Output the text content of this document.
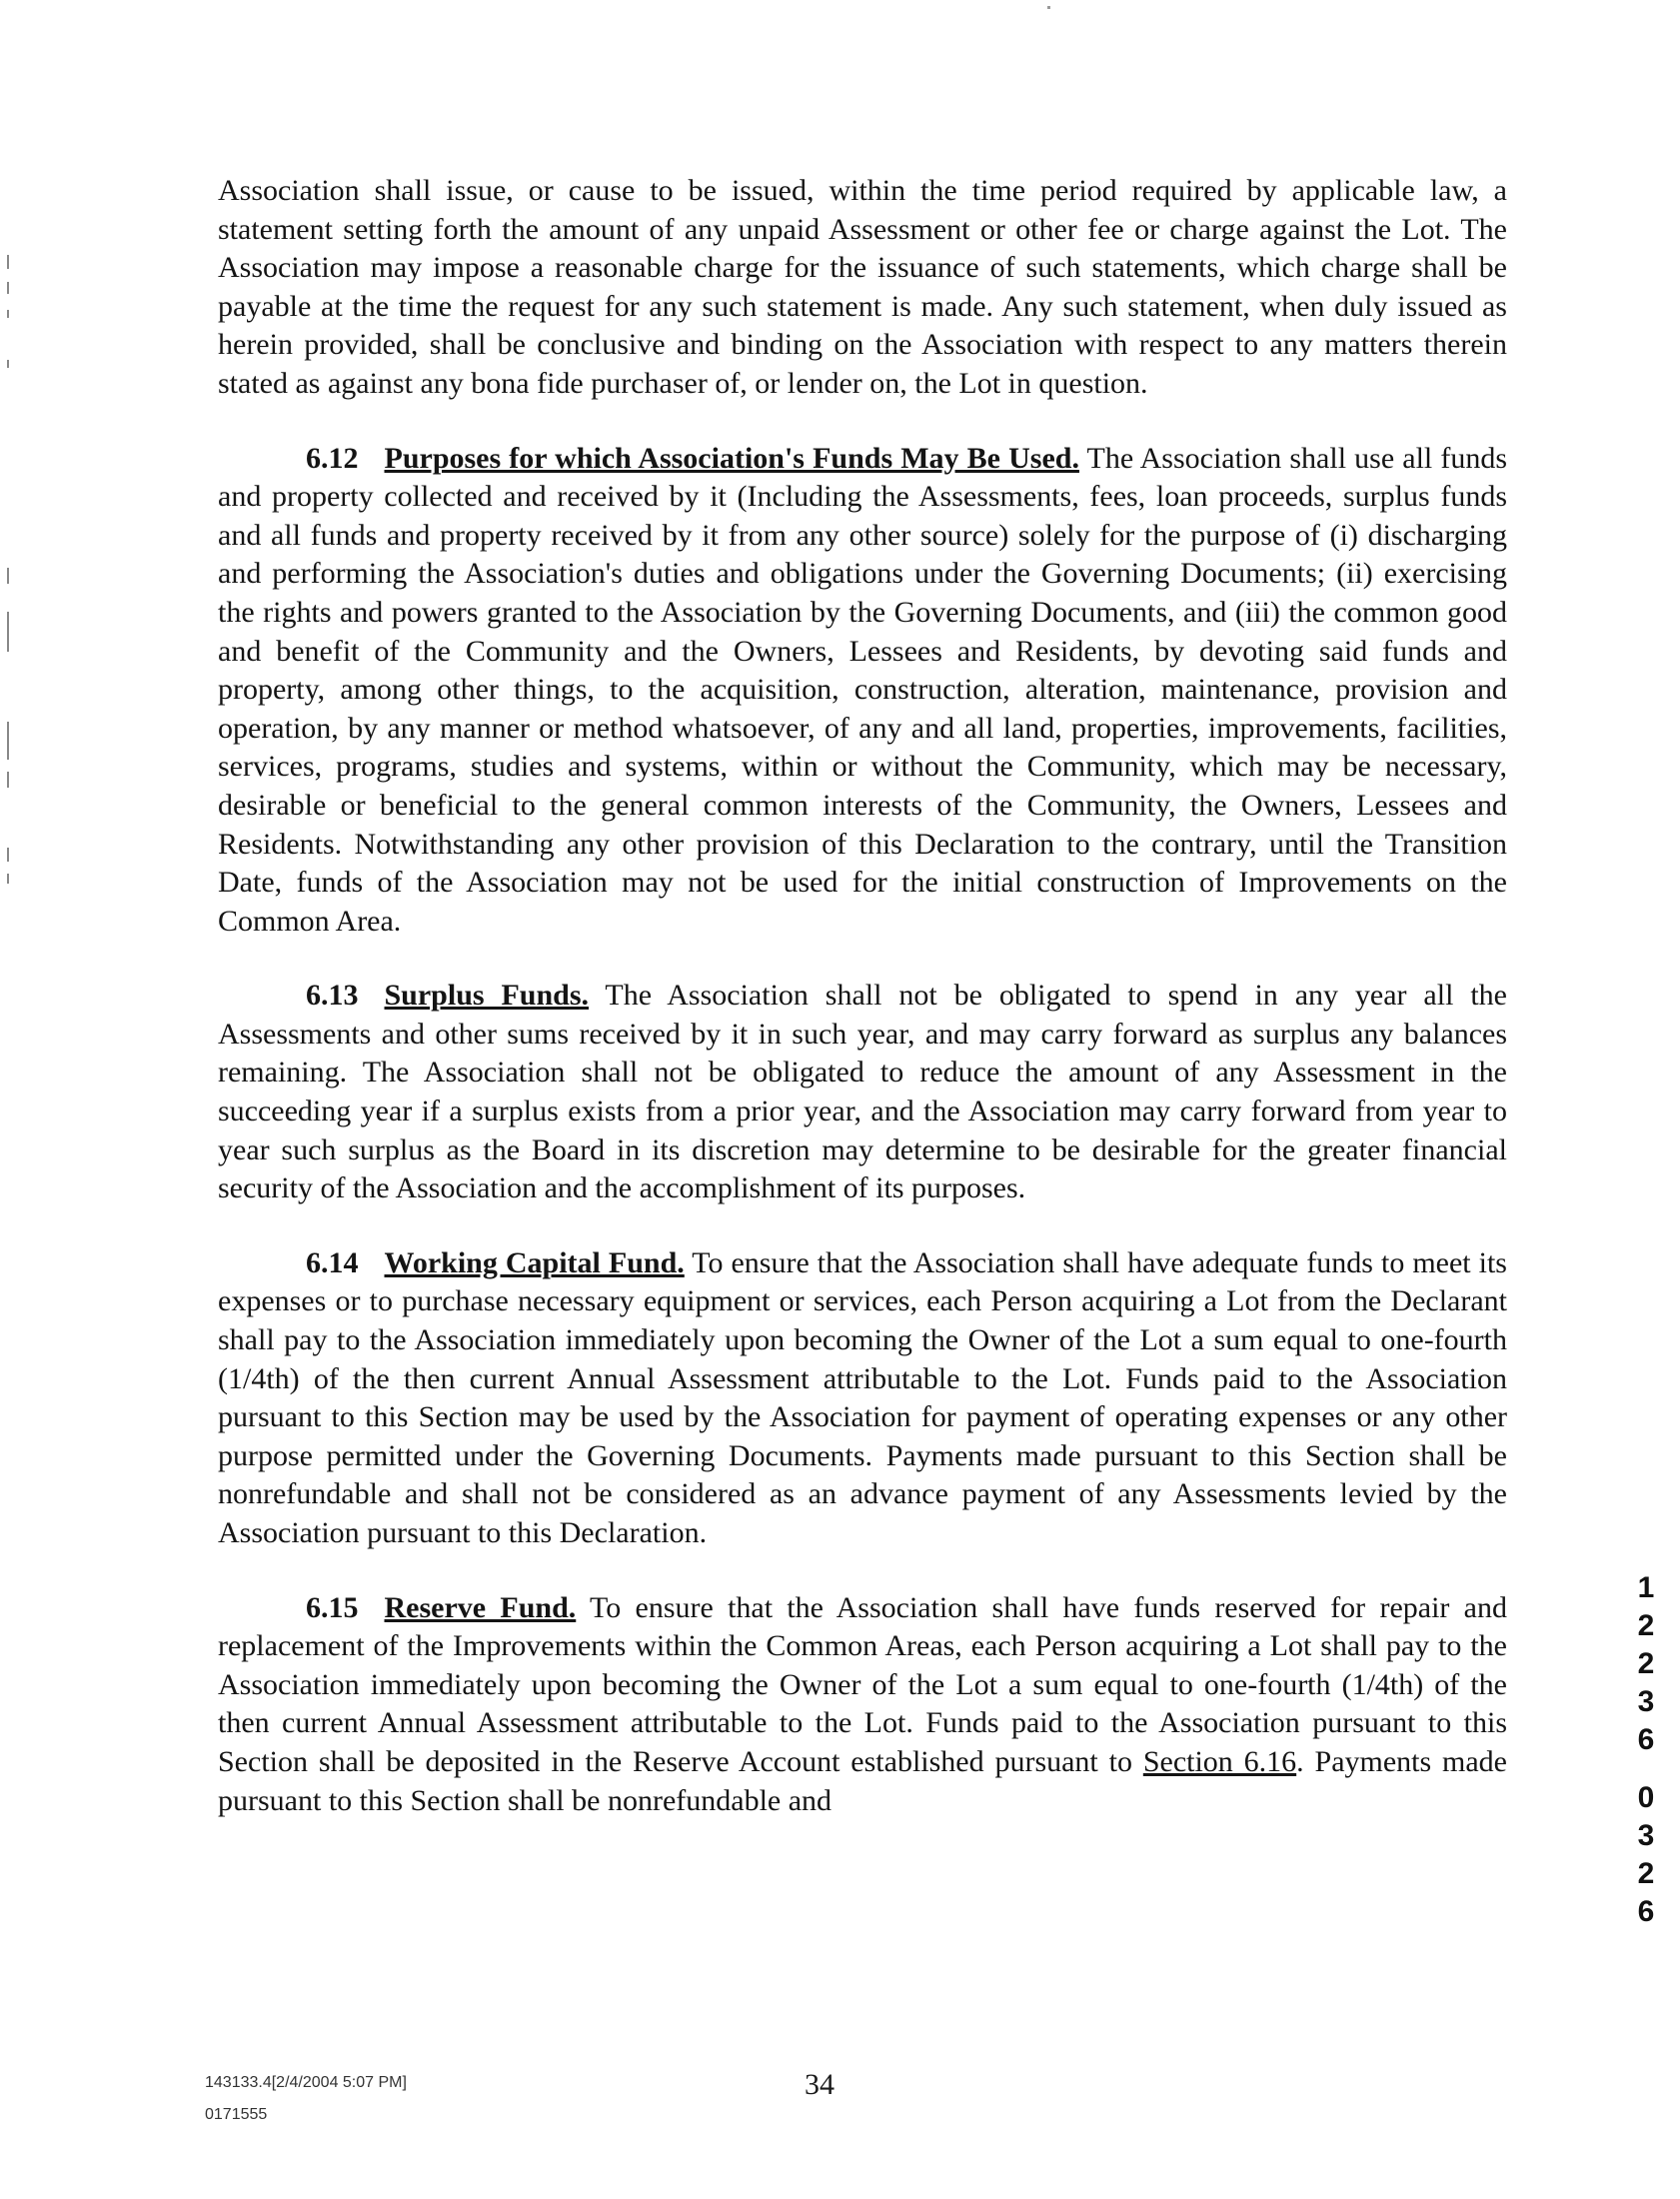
Association shall issue, or cause to be issued, within the time period required by applicable law, a statement setting forth the amount of any unpaid Assessment or other fee or charge against the Lot. The Association may impose a reasonable charge for the issuance of such statements, which charge shall be payable at the time the request for any such statement is made. Any such statement, when duly issued as herein provided, shall be conclusive and binding on the Association with respect to any matters therein stated as against any bona fide purchaser of, or lender on, the Lot in question.

6.12 Purposes for which Association's Funds May Be Used. The Association shall use all funds and property collected and received by it (Including the Assessments, fees, loan proceeds, surplus funds and all funds and property received by it from any other source) solely for the purpose of (i) discharging and performing the Association's duties and obligations under the Governing Documents; (ii) exercising the rights and powers granted to the Association by the Governing Documents, and (iii) the common good and benefit of the Community and the Owners, Lessees and Residents, by devoting said funds and property, among other things, to the acquisition, construction, alteration, maintenance, provision and operation, by any manner or method whatsoever, of any and all land, properties, improvements, facilities, services, programs, studies and systems, within or without the Community, which may be necessary, desirable or beneficial to the general common interests of the Community, the Owners, Lessees and Residents. Notwithstanding any other provision of this Declaration to the contrary, until the Transition Date, funds of the Association may not be used for the initial construction of Improvements on the Common Area.

6.13 Surplus Funds. The Association shall not be obligated to spend in any year all the Assessments and other sums received by it in such year, and may carry forward as surplus any balances remaining. The Association shall not be obligated to reduce the amount of any Assessment in the succeeding year if a surplus exists from a prior year, and the Association may carry forward from year to year such surplus as the Board in its discretion may determine to be desirable for the greater financial security of the Association and the accomplishment of its purposes.

6.14 Working Capital Fund. To ensure that the Association shall have adequate funds to meet its expenses or to purchase necessary equipment or services, each Person acquiring a Lot from the Declarant shall pay to the Association immediately upon becoming the Owner of the Lot a sum equal to one-fourth (1/4th) of the then current Annual Assessment attributable to the Lot. Funds paid to the Association pursuant to this Section may be used by the Association for payment of operating expenses or any other purpose permitted under the Governing Documents. Payments made pursuant to this Section shall be nonrefundable and shall not be considered as an advance payment of any Assessments levied by the Association pursuant to this Declaration.

6.15 Reserve Fund. To ensure that the Association shall have funds reserved for repair and replacement of the Improvements within the Common Areas, each Person acquiring a Lot shall pay to the Association immediately upon becoming the Owner of the Lot a sum equal to one-fourth (1/4th) of the then current Annual Assessment attributable to the Lot. Funds paid to the Association pursuant to this Section shall be deposited in the Reserve Account established pursuant to Section 6.16. Payments made pursuant to this Section shall be nonrefundable and

143133.4[2/4/2004 5:07 PM]
0171555
34
1
2
2
3
6
0
3
2
6
